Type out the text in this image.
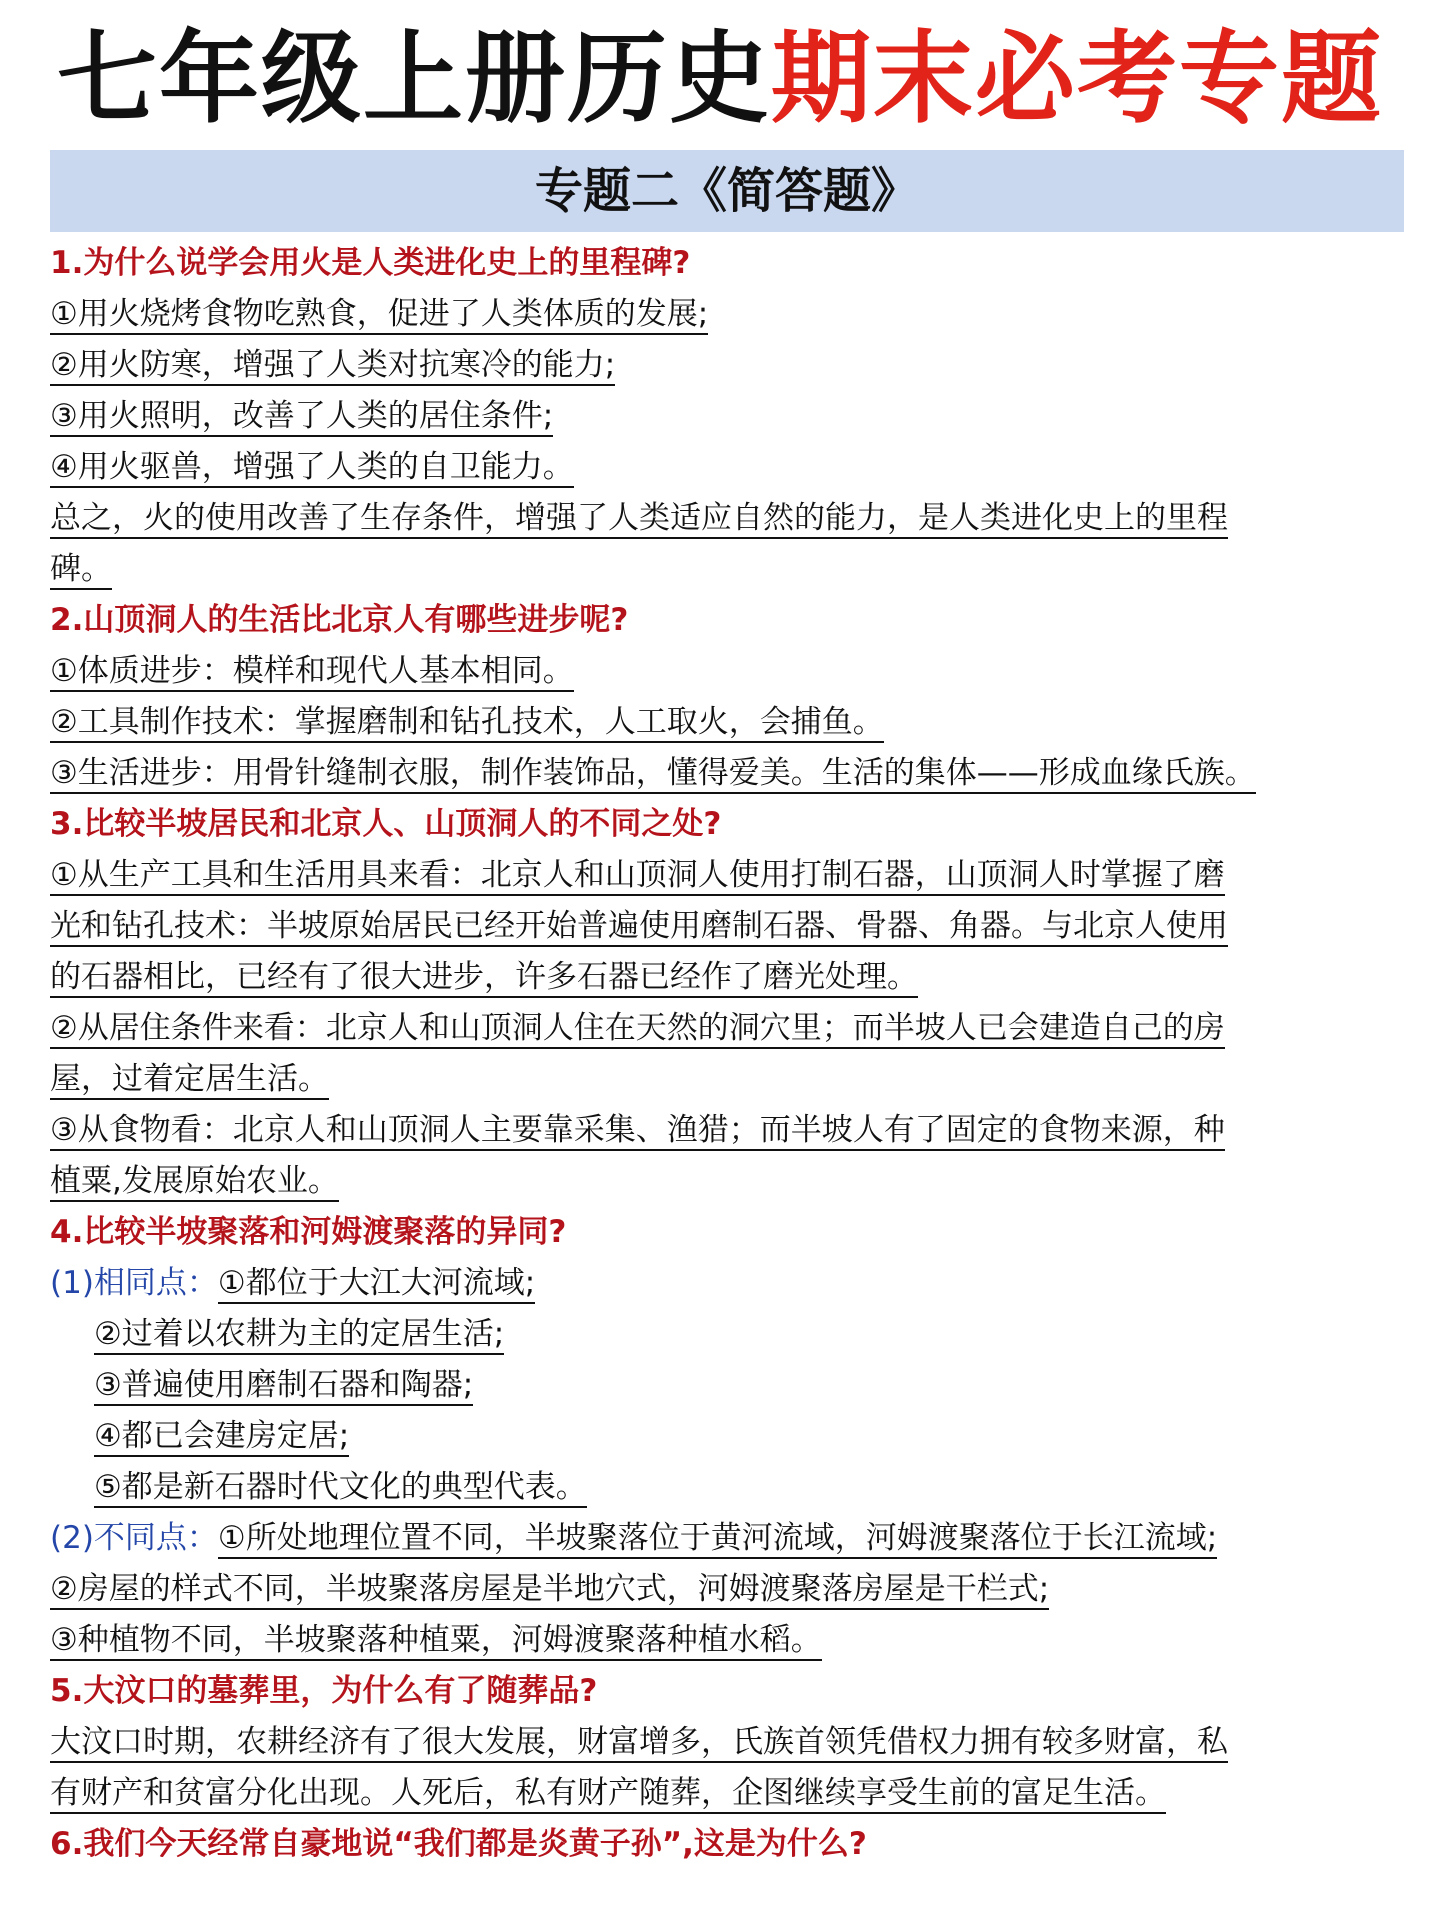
七年级上册历史期末必考专题
专题二《简答题》
1.为什么说学会用火是人类进化史上的里程碑?
①用火烧烤食物吃熟食，促进了人类体质的发展;
②用火防寒，增强了人类对抗寒冷的能力;
③用火照明，改善了人类的居住条件;
④用火驱兽，增强了人类的自卫能力。
总之，火的使用改善了生存条件，增强了人类适应自然的能力，是人类进化史上的里程
碑。
2.山顶洞人的生活比北京人有哪些进步呢?
①体质进步：模样和现代人基本相同。
②工具制作技术：掌握磨制和钻孔技术，人工取火，会捕鱼。
③生活进步：用骨针缝制衣服，制作装饰品，懂得爱美。生活的集体——形成血缘氏族。
3.比较半坡居民和北京人、山顶洞人的不同之处?
①从生产工具和生活用具来看：北京人和山顶洞人使用打制石器，山顶洞人时掌握了磨
光和钻孔技术：半坡原始居民已经开始普遍使用磨制石器、骨器、角器。与北京人使用
的石器相比，已经有了很大进步，许多石器已经作了磨光处理。
②从居住条件来看：北京人和山顶洞人住在天然的洞穴里；而半坡人已会建造自己的房
屋，过着定居生活。
③从食物看：北京人和山顶洞人主要靠采集、渔猎；而半坡人有了固定的食物来源，种
植粟,发展原始农业。
4.比较半坡聚落和河姆渡聚落的异同?
(1)相同点：①都位于大江大河流域;
②过着以农耕为主的定居生活;
③普遍使用磨制石器和陶器;
④都已会建房定居;
⑤都是新石器时代文化的典型代表。
(2)不同点：①所处地理位置不同，半坡聚落位于黄河流域，河姆渡聚落位于长江流域;
②房屋的样式不同，半坡聚落房屋是半地穴式，河姆渡聚落房屋是干栏式;
③种植物不同，半坡聚落种植粟，河姆渡聚落种植水稻。
5.大汶口的墓葬里，为什么有了随葬品?
大汶口时期，农耕经济有了很大发展，财富增多，氏族首领凭借权力拥有较多财富，私
有财产和贫富分化出现。人死后，私有财产随葬，企图继续享受生前的富足生活。
6.我们今天经常自豪地说“我们都是炎黄子孙”,这是为什么?
